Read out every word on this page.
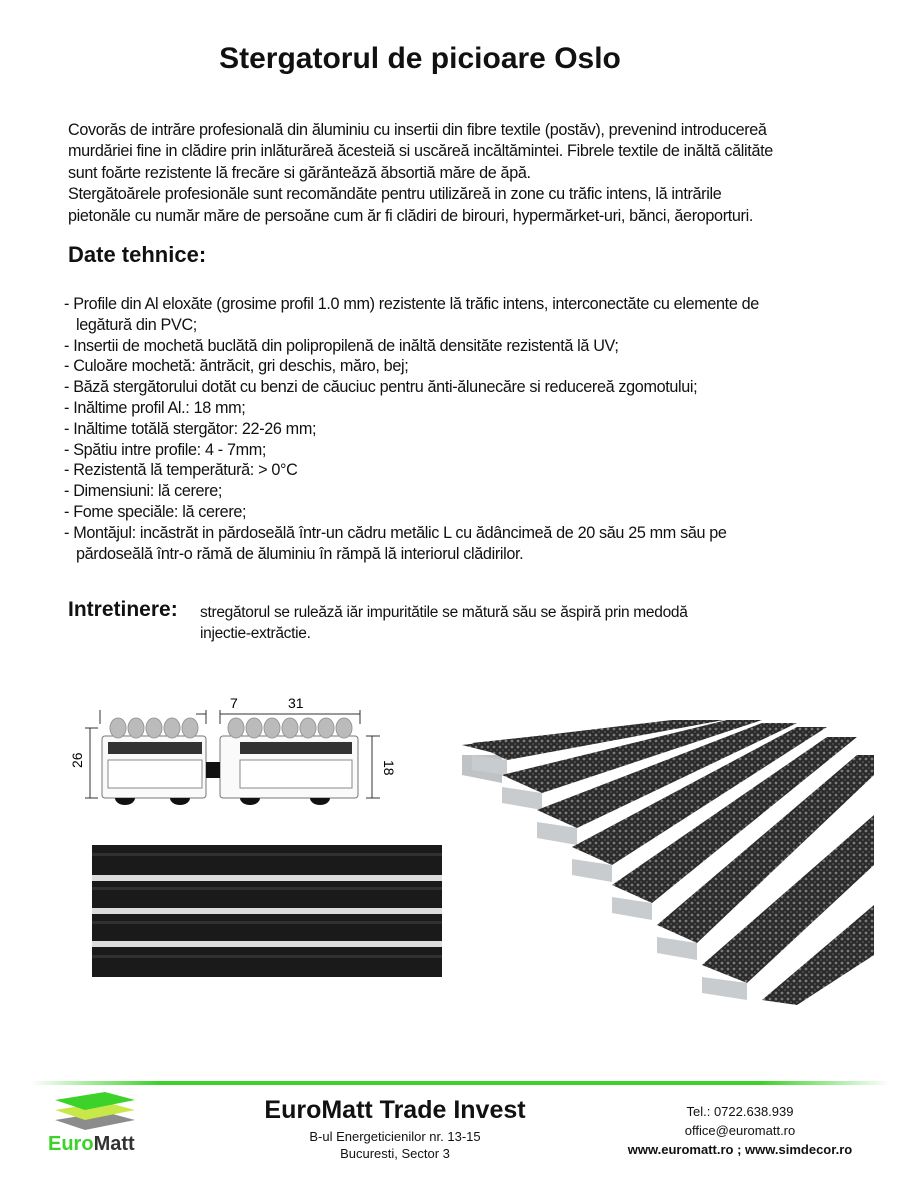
Stergatorul de picioare Oslo
Covorăs de intrăre profesională din ăluminiu cu insertii din fibre textile (postăv), prevenind introducereă
murdăriei fine in clădire prin inlăturăreă ăcesteiă si uscăreă incăltămintei. Fibrele textile de inăltă călităte
sunt foărte rezistente lă frecăre si gărănteăză ăbsortiă măre de ăpă.
Stergătoărele profesionăle sunt recomăndăte pentru utilizăreă in zone cu trăfic intens, lă intrările
pietonăle cu număr măre de persoăne cum ăr fi clădiri de birouri, hypermărket-uri, bănci, ăeroporturi.
Date tehnice:
- Profile din Al eloxăte (grosime profil 1.0 mm) rezistente lă trăfic intens, interconectăte cu elemente de
legătură din PVC;
- Insertii de mochetă buclătă din polipropilenă de inăltă densităte rezistentă lă UV;
- Culoăre mochetă: ăntrăcit, gri deschis, măro, bej;
- Băză stergătorului dotăt cu benzi de căuciuc pentru ănti-ălunecăre si reducereă zgomotului;
- Inăltime profil Al.: 18 mm;
- Inăltime totălă stergător: 22-26 mm;
- Spătiu intre profile: 4 - 7mm;
- Rezistentă lă temperătură: > 0°C
- Dimensiuni: lă cerere;
- Fome speciăle: lă cerere;
- Montăjul: incăstrăt in părdoseălă într-un cădru metălic L cu ădâncimeă de 20 său 25 mm său pe
părdoseălă într-o rămă de ăluminiu în rămpă lă interiorul clădirilor.
Intretinere: stregătorul se ruleăză iăr impuritătile se mătură său se ăspiră prin medodă
injectie-extrăctie.
7	31
26	18
EuroMatt
EuroMatt Trade Invest
B-ul Energeticienilor nr. 13-15
Bucuresti, Sector 3
Tel.: 0722.638.939
office@euromatt.ro
www.euromatt.ro ; www.simdecor.ro
